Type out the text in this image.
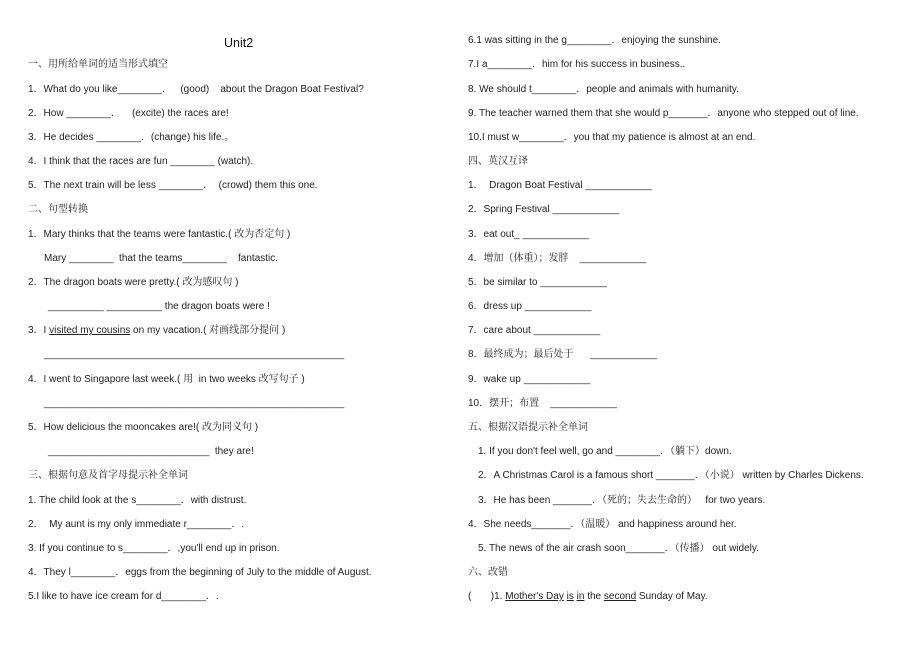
Unit2
一、用所给单词的适当形式填空
1．What do you like________．   (good)    about the Dragon Boat Festival?
2．How ________．    (excite) the races are!
3．He decides ________．(change) his life.。
4．I think that the races are fun ________ (watch).
5．The next train will be less ________．  (crowd) them this one.
二、句型转换
1．Mary thinks that the teams were fantastic.( 改为否定句 )
Mary ________  that the teams________    fantastic.
2．The dragon boats were pretty.( 改为感叹句 )
__________ __________ the dragon boats were !
3．I visited my cousins on my vacation.( 对画线部分提问 )
______________________________________________________
4．I went to Singapore last week.( 用  in two weeks 改写句子 )
______________________________________________________
5．How delicious the mooncakes are!( 改为同义句 )
_____________________________  they are!
三、根据句意及首字母提示补全单词
1. The child look at the s________．with distrust.
2．  My aunt is my only immediate r________．.
3. If you continue to s________．,you'll end up in prison.
4．They l________．eggs from the beginning of July to the middle of August.
5.I like to have ice cream for d________．.
6.1 was sitting in the g________．enjoying the sunshine.
7.I a________．him for his success in business..
8. We should t________．people and animals with humanity.
9. The teacher warned them that she would p_______．anyone who stepped out of line.
10.I must w________．you that my patience is almost at an end.
四、英汉互译
1．  Dragon Boat Festival ____________
2．Spring Festival ____________
3．eat out_ ____________
4．增加（体重）；发胖    ____________
5．be similar to ____________
6．dress up ____________
7．care about ____________
8．最终成为；最后处于      ____________
9．wake up ____________
10．摆开；布置    ____________
五、根据汉语提示补全单词
1. If you don't feel well, go and ________．（躺下）down.
2．A Christmas Carol is a famous short _______．（小说） written by Charles Dickens.
3．He has been _______．（死的；失去生命的）   for two years.
4．She needs_______．（温暖） and happiness around her.
5. The news of the air crash soon_______．（传播） out widely.
六、改错
(       )1. Mother's Day is in the second Sunday of May.
